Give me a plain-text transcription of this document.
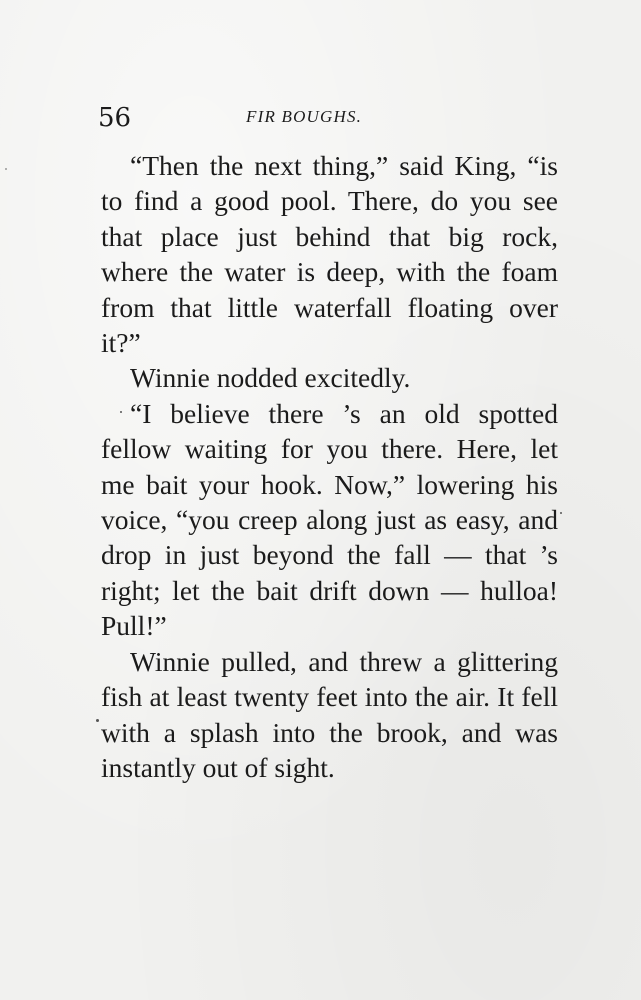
56	FIR BOUGHS.

“Then the next thing,” said King, “is to find a good pool. There, do you see that place just behind that big rock, where the water is deep, with the foam from that little waterfall floating over it?”

Winnie nodded excitedly.

“I believe there ’s an old spotted fellow waiting for you there. Here, let me bait your hook. Now,” lowering his voice, “you creep along just as easy, and drop in just beyond the fall — that ’s right; let the bait drift down — hulloa! Pull!”

Winnie pulled, and threw a glittering fish at least twenty feet into the air. It fell with a splash into the brook, and was instantly out of sight.
